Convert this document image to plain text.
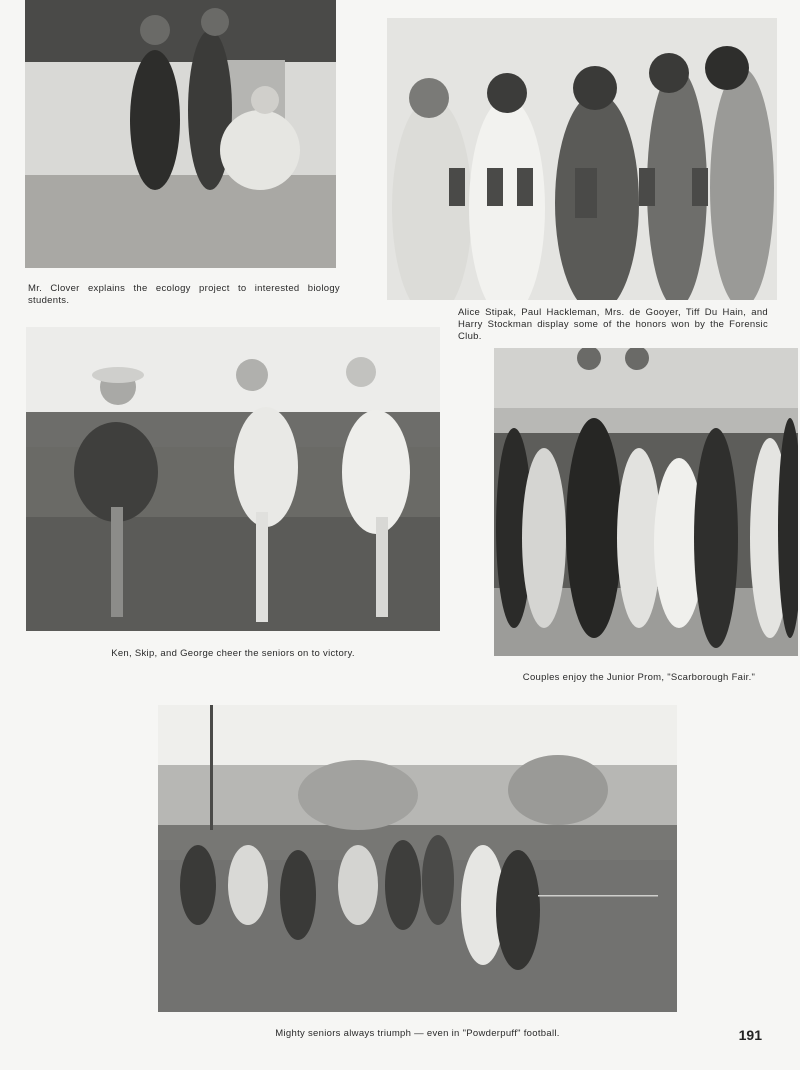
Mr. Clover explains the ecology project to interested biology students.
Alice Stipak, Paul Hackleman, Mrs. de Gooyer, Tiff Du Hain, and Harry Stockman display some of the honors won by the Forensic Club.
Ken, Skip, and George cheer the seniors on to victory.
Couples enjoy the Junior Prom, "Scarborough Fair."
Mighty seniors always triumph — even in "Powderpuff" football.	191
